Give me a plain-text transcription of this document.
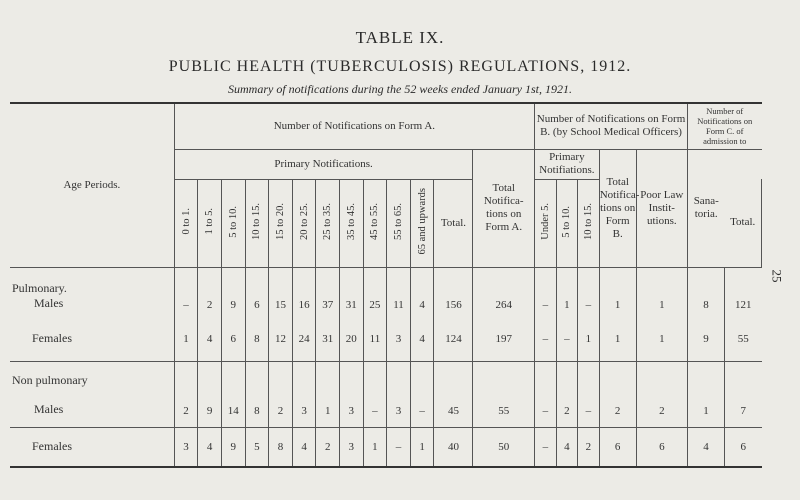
TABLE IX.
PUBLIC HEALTH (TUBERCULOSIS) REGULATIONS, 1912.
Summary of notifications during the 52 weeks ended January 1st, 1921.
25
Age Periods.	Number of Notifications on Form A.													Number of Notifications on Form B. (by School Medical Officers)					Number of Notifications on Form C. of admission to	
	Primary Notifications.												Total Notifica-tions on Form A.	Primary Notifiations.			Total Notifica-tions on Form B.	Poor Law Instit-utions.	Sana-toria.	
	0 to 1.	1 to 5.	5 to 10.	10 to 15.	15 to 20.	20 to 25.	25 to 35.	35 to 45.	45 to 55.	55 to 65.	65 and upwards	Total.		Under 5.	5 to 10.	10 to 15.				Total.

Pulmonary.
Males	–	2	9	6	15	16	37	31	25	11	4	156	264	–	1	–	1	1	8	121
Females	1	4	6	8	12	24	31	20	11	3	4	124	197	–	–	1	1	1	9	55

Non pulmonary
Males	2	9	14	8	2	3	1	3	–	3	–	45	55	–	2	–	2	2	1	7
Females	3	4	9	5	8	4	2	3	1	–	1	40	50	–	4	2	6	6	4	6
